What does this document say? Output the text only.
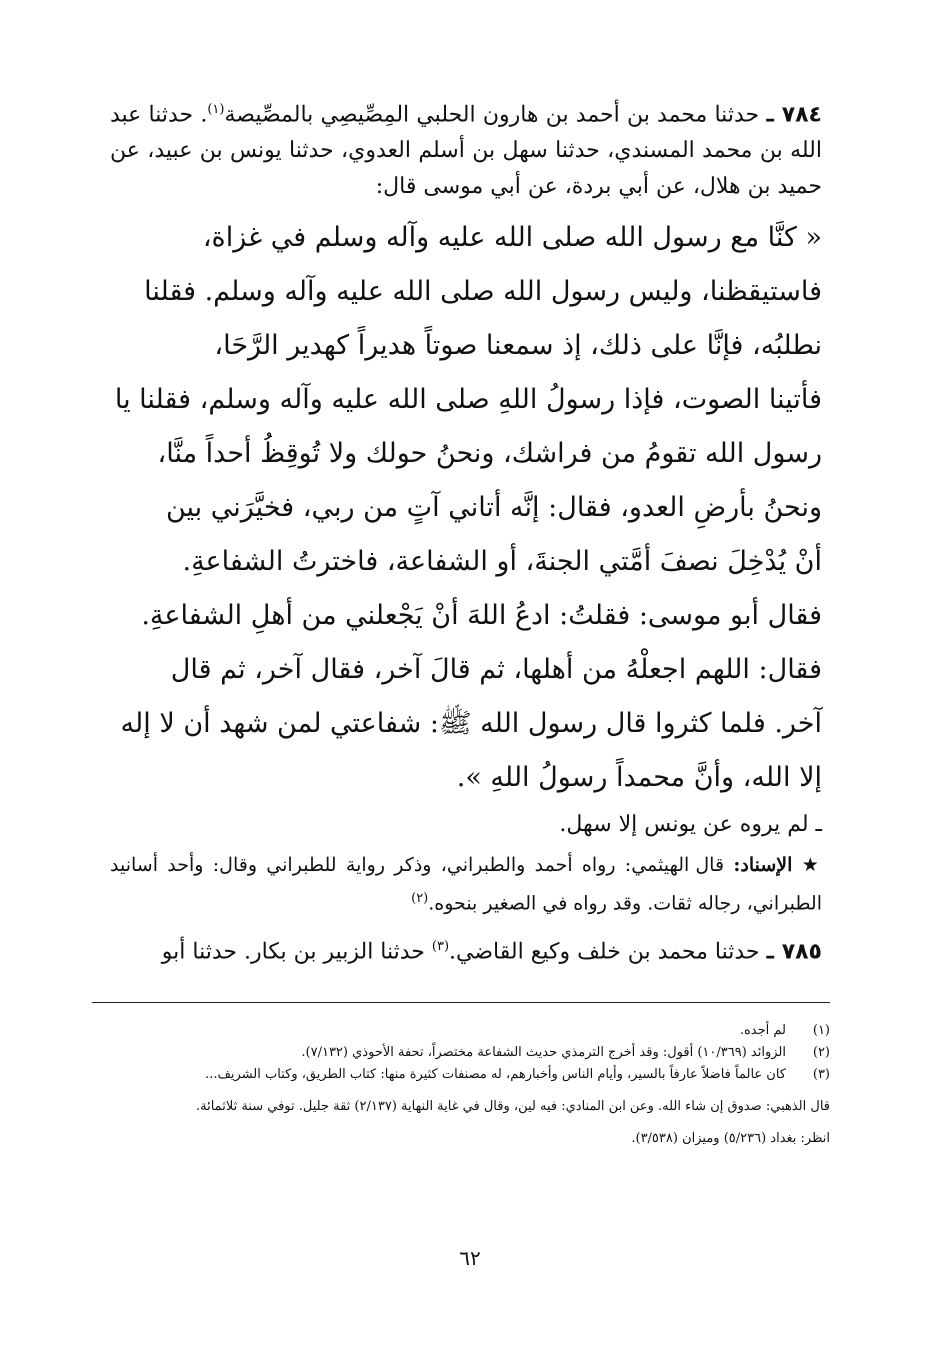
٧٨٤ ـ حدثنا محمد بن أحمد بن هارون الحلبي المِصِّيصِي بالمصِّيصة$^{(١)}$. حدثنا عبد الله بن محمد المسندي، حدثنا سهل بن أسلم العدوي، حدثنا يونس بن عبيد، عن حميد بن هلال، عن أبي بردة، عن أبي موسى قال:

« كنَّا مع رسول الله صلى الله عليه وآله وسلم في غزاة،
فاستيقظنا، وليس رسول الله صلى الله عليه وآله وسلم. فقلنا
نطلبُه، فإنَّا على ذلك، إذ سمعنا صوتاً هديراً كهدير الرَّحَا،
فأتينا الصوت، فإذا رسولُ اللهِ صلى الله عليه وآله وسلم، فقلنا يا
رسول الله تقومُ من فراشك، ونحنُ حولك ولا تُوقِظُ أحداً منَّا،
ونحنُ بأرضِ العدو، فقال: إنَّه أتاني آتٍ من ربي، فخيَّرَني بين
أنْ يُدْخِلَ نصفَ أمَّتي الجنةَ، أو الشفاعة، فاخترتُ الشفاعةِ.
فقال أبو موسى: فقلتُ: ادعُ اللهَ أنْ يَجْعلني من أهلِ الشفاعةِ.
فقال: اللهم اجعلْهُ من أهلها، ثم قالَ آخر، فقال آخر، ثم قال
آخر. فلما كثروا قال رسول الله ﷺ: شفاعتي لمن شهد أن لا إله
إلا الله، وأنَّ محمداً رسولُ اللهِ ».

ـ لم يروه عن يونس إلا سهل.

★ الإسناد: قال الهيثمي: رواه أحمد والطبراني، وذكر رواية للطبراني وقال: وأحد أسانيد الطبراني، رجاله ثقات. وقد رواه في الصغير بنحوه.$^{(٢)}$

٧٨٥ ـ حدثنا محمد بن خلف وكيع القاضي.$^{(٣)}$ حدثنا الزبير بن بكار. حدثنا أبو

(١)
لم أجده.
(٢)
الزوائد (١٠/٣٦٩) أقول: وقد أخرج الترمذي حديث الشفاعة مختصراً، تحفة الأحوذي (٧/١٣٢).
(٣)
كان عالماً فاضلاً عارفاً بالسير، وأيام الناس وأخبارهم، له مصنفات كثيرة منها: كتاب الطريق، وكتاب الشريف...
قال الذهبي: صدوق إن شاء الله. وعن ابن المنادي: فيه لين، وقال في غاية النهاية (٢/١٣٧) ثقة جليل. توفي سنة ثلاثمائة.
انظر: بغداد (٥/٢٣٦) وميزان (٣/٥٣٨).
٦٢
